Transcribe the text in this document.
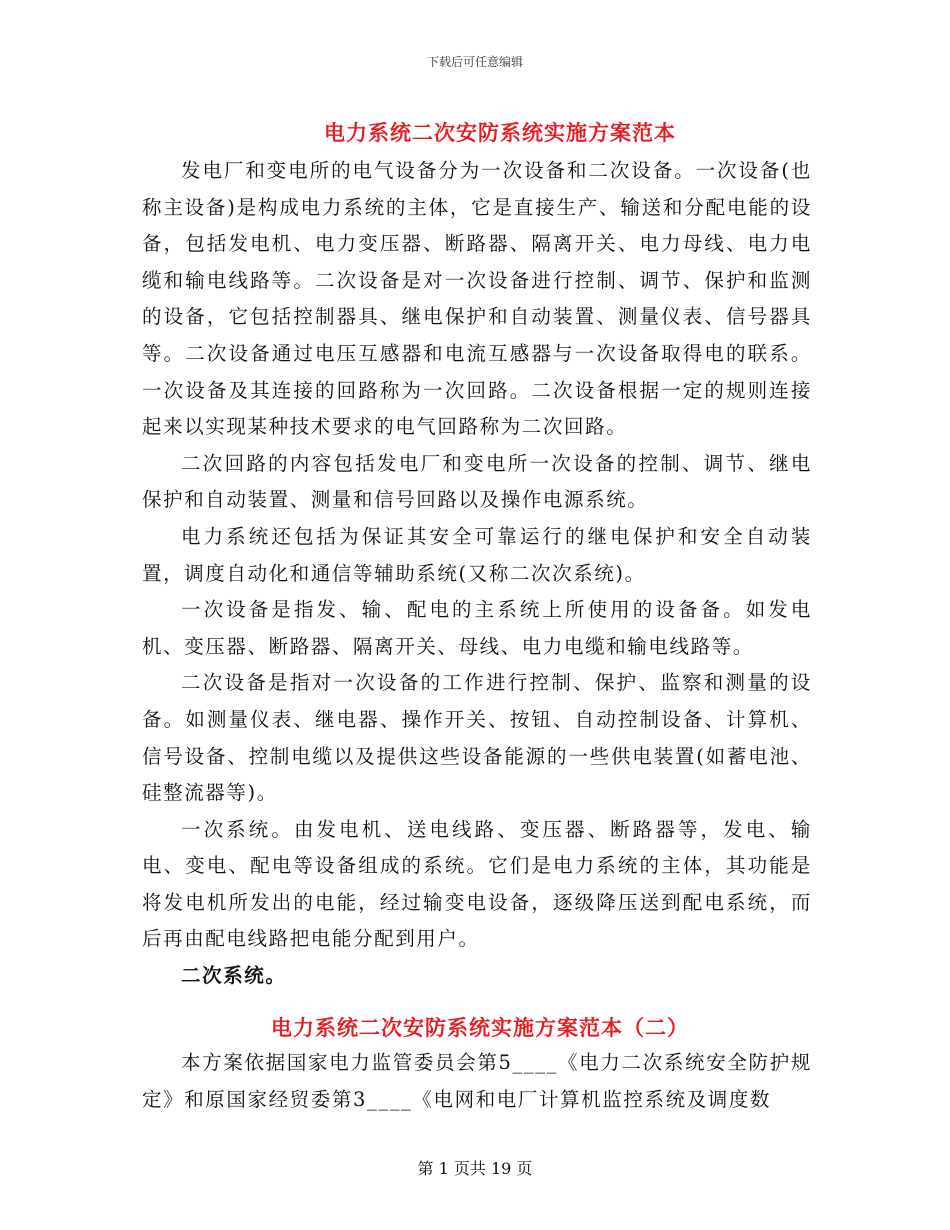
下载后可任意编辑
电力系统二次安防系统实施方案范本

发电厂和变电所的电气设备分为一次设备和二次设备。一次设备(也称主设备)是构成电力系统的主体，它是直接生产、输送和分配电能的设备，包括发电机、电力变压器、断路器、隔离开关、电力母线、电力电缆和输电线路等。二次设备是对一次设备进行控制、调节、保护和监测的设备，它包括控制器具、继电保护和自动装置、测量仪表、信号器具等。二次设备通过电压互感器和电流互感器与一次设备取得电的联系。一次设备及其连接的回路称为一次回路。二次设备根据一定的规则连接起来以实现某种技术要求的电气回路称为二次回路。

二次回路的内容包括发电厂和变电所一次设备的控制、调节、继电保护和自动装置、测量和信号回路以及操作电源系统。

电力系统还包括为保证其安全可靠运行的继电保护和安全自动装置，调度自动化和通信等辅助系统(又称二次次系统)。

一次设备是指发、输、配电的主系统上所使用的设备备。如发电机、变压器、断路器、隔离开关、母线、电力电缆和输电线路等。

二次设备是指对一次设备的工作进行控制、保护、监察和测量的设备。如测量仪表、继电器、操作开关、按钮、自动控制设备、计算机、信号设备、控制电缆以及提供这些设备能源的一些供电装置(如蓄电池、硅整流器等)。

一次系统。由发电机、送电线路、变压器、断路器等，发电、输电、变电、配电等设备组成的系统。它们是电力系统的主体，其功能是将发电机所发出的电能，经过输变电设备，逐级降压送到配电系统，而后再由配电线路把电能分配到用户。

二次系统。

电力系统二次安防系统实施方案范本（二）

本方案依据国家电力监管委员会第5____《电力二次系统安全防护规定》和原国家经贸委第3____《电网和电厂计算机监控系统及调度数

第 1 页共 19 页
